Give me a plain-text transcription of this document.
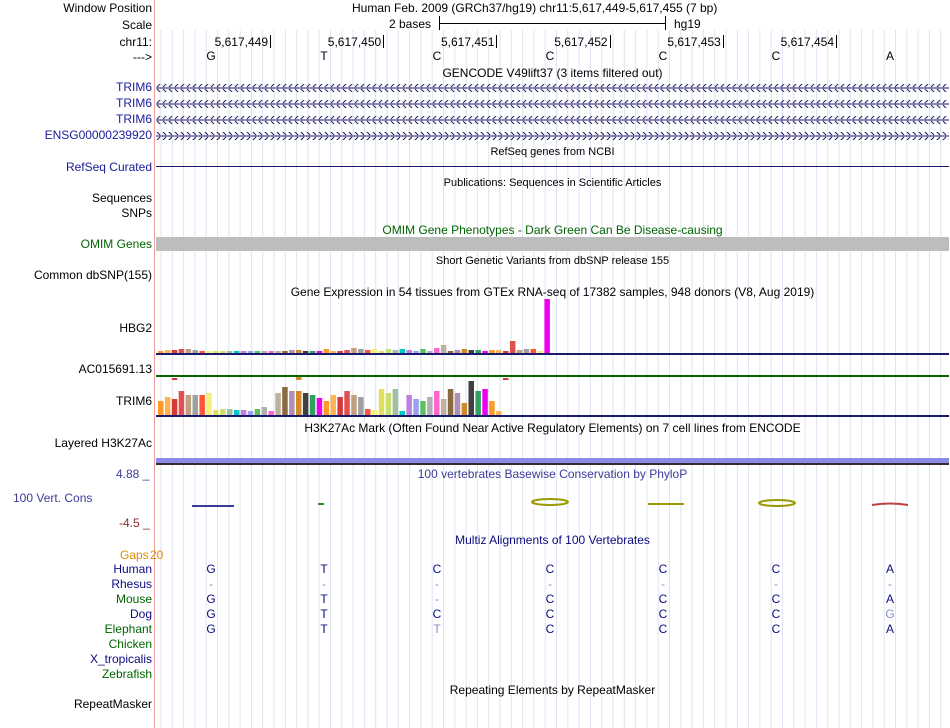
Window Position	Human Feb. 2009 (GRCh37/hg19) chr11:5,617,449-5,617,455 (7 bp)
Scale	2 bases	hg19
chr11:	5,617,449	5,617,450	5,617,451	5,617,452	5,617,453	5,617,454
--->	G	T	C	C	C	C	A
GENCODE V49lift37 (3 items filtered out)
TRIM6
TRIM6
TRIM6
ENSG00000239920
RefSeq genes from NCBI
RefSeq Curated
Publications: Sequences in Scientific Articles
Sequences
SNPs
OMIM Gene Phenotypes - Dark Green Can Be Disease-causing
OMIM Genes
Short Genetic Variants from dbSNP release 155
Common dbSNP(155)
Gene Expression in 54 tissues from GTEx RNA-seq of 17382 samples, 948 donors (V8, Aug 2019)
HBG2
AC015691.13
TRIM6
H3K27Ac Mark (Often Found Near Active Regulatory Elements) on 7 cell lines from ENCODE
Layered H3K27Ac
4.88 _	100 vertebrates Basewise Conservation by PhyloP
100 Vert. Cons
-4.5 _
Multiz Alignments of 100 Vertebrates
Gaps 20
Human	G	T	C	C	C	C	A
Rhesus	-	-	-	-	-	-	-
Mouse	G	T	-	C	C	C	A
Dog	G	T	C	C	C	C	G
Elephant	G	T	T	C	C	C	A
Chicken
X_tropicalis
Zebrafish
Repeating Elements by RepeatMasker
RepeatMasker
